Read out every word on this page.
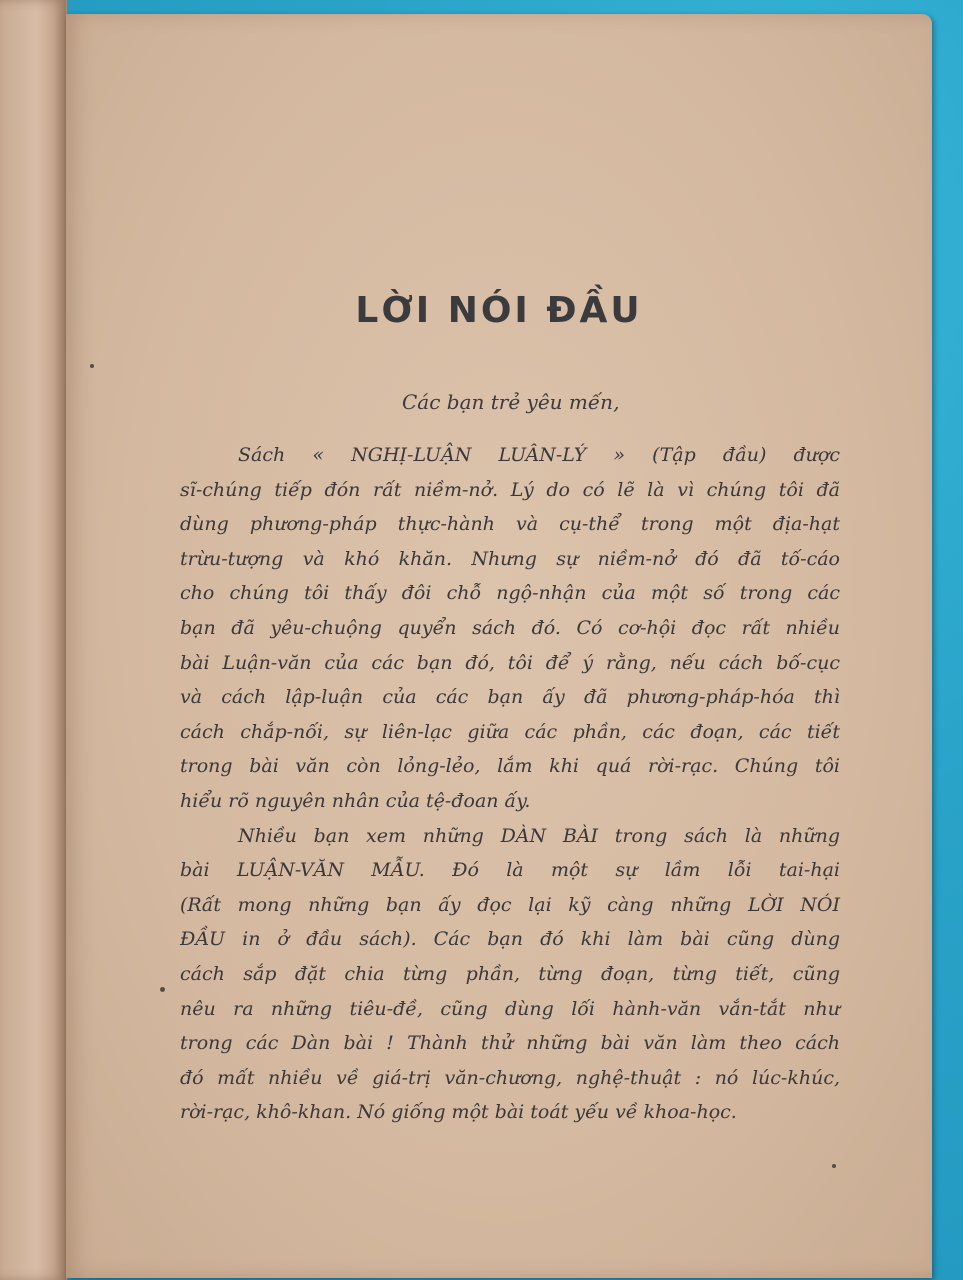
LỜI NÓI ĐẦU
Các bạn trẻ yêu mến,

Sách « NGHỊ-LUẬN LUÂN-LÝ » (Tập đầu) được
sĩ-chúng tiếp đón rất niềm-nở. Lý do có lẽ là vì chúng tôi đã
dùng phương-pháp thực-hành và cụ-thể trong một địa-hạt
trừu-tượng và khó khăn. Nhưng sự niềm-nở đó đã tố-cáo
cho chúng tôi thấy đôi chỗ ngộ-nhận của một số trong các
bạn đã yêu-chuộng quyển sách đó. Có cơ-hội đọc rất nhiều
bài Luận-văn của các bạn đó, tôi để ý rằng, nếu cách bố-cục
và cách lập-luận của các bạn ấy đã phương-pháp-hóa thì
cách chắp-nối, sự liên-lạc giữa các phần, các đoạn, các tiết
trong bài văn còn lỏng-lẻo, lắm khi quá rời-rạc. Chúng tôi
hiểu rõ nguyên nhân của tệ-đoan ấy.

Nhiều bạn xem những DÀN BÀI trong sách là những
bài LUẬN-VĂN MẪU. Đó là một sự lầm lỗi tai-hại
(Rất mong những bạn ấy đọc lại kỹ càng những LỜI NÓI
ĐẦU in ở đầu sách). Các bạn đó khi làm bài cũng dùng
cách sắp đặt chia từng phần, từng đoạn, từng tiết, cũng
nêu ra những tiêu-đề, cũng dùng lối hành-văn vắn-tắt như
trong các Dàn bài ! Thành thử những bài văn làm theo cách
đó mất nhiều về giá-trị văn-chương, nghệ-thuật : nó lúc-khúc,
rời-rạc, khô-khan. Nó giống một bài toát yếu về khoa-học.
